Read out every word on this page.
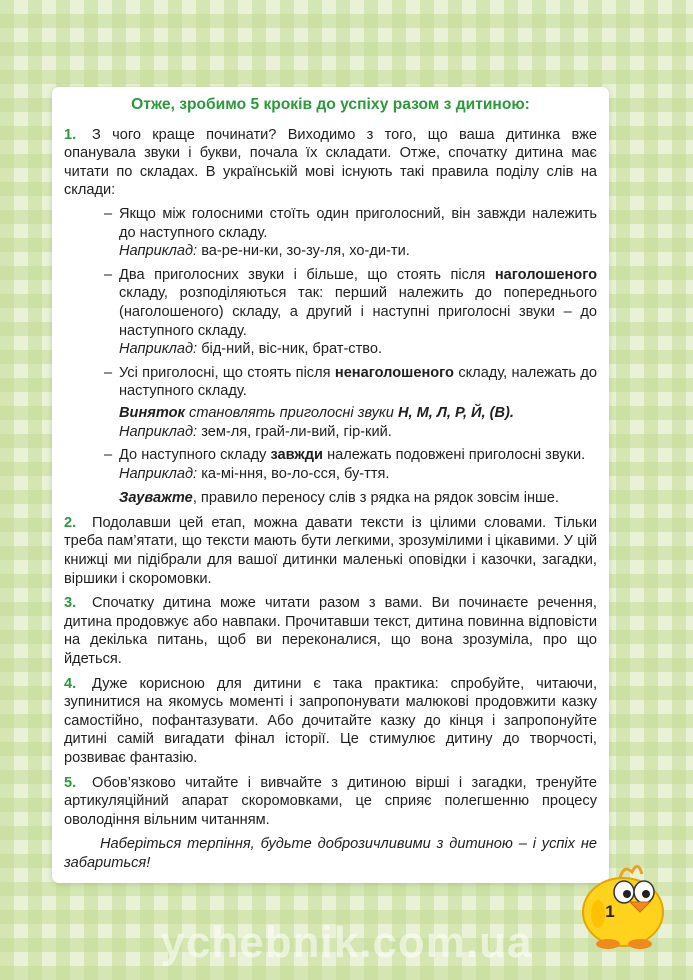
Отже, зробимо 5 кроків до успіху разом з дитиною:

1. З чого краще починати? Виходимо з того, що ваша дитинка вже опанувала звуки і букви, почала їх складати. Отже, спочатку дитина має читати по складах. В українській мові існують такі правила поділу слів на склади:

– Якщо між голосними стоїть один приголосний, він завжди належить до наступного складу.

Наприклад: ва-ре-ни-ки, зо-зу-ля, хо-ди-ти.
– Два приголосних звуки і більше, що стоять після наголошеного складу, розподіляються так: перший належить до попереднього (наголошеного) складу, а другий і наступні приголосні звуки – до наступного складу.

Наприклад: бід-ний, віс-ник, брат-ство.
– Усі приголосні, що стоять після ненаголошеного складу, належать до наступного складу.

Виняток становлять приголосні звуки Н, М, Л, Р, Й, (В).
Наприклад: зем-ля, грай-ли-вий, гір-кий.
– До наступного складу завжди належать подовжені приголосні звуки.

Наприклад: ка-мі-ння, во-ло-сся, бу-ття.
Зауважте, правило переносу слів з рядка на рядок зовсім інше.

2. Подолавши цей етап, можна давати тексти із цілими словами. Тільки треба пам’ятати, що тексти мають бути легкими, зрозумілими і цікавими. У цій книжці ми підібрали для вашої дитинки маленькі оповідки і казочки, загадки, віршики і скоромовки.

3. Спочатку дитина може читати разом з вами. Ви починаєте речення, дитина продовжує або навпаки. Прочитавши текст, дитина повинна відповісти на декілька питань, щоб ви переконалися, що вона зрозуміла, про що йдеться.

4. Дуже корисною для дитини є така практика: спробуйте, читаючи, зупинитися на якомусь моменті і запропонувати малюкові продовжити казку самостійно, пофантазувати. Або дочитайте казку до кінця і запропонуйте дитині самій вигадати фінал історії. Це стимулює дитину до творчості, розвиває фантазію.

5. Обов’язково читайте і вивчайте з дитиною вірші і загадки, тренуйте артикуляційний апарат скоромовками, це сприяє полегшенню процесу оволодіння вільним читанням.

Наберіться терпіння, будьте доброзичливими з дитиною – і успіх не забариться!

1
ychebnik.com.ua
